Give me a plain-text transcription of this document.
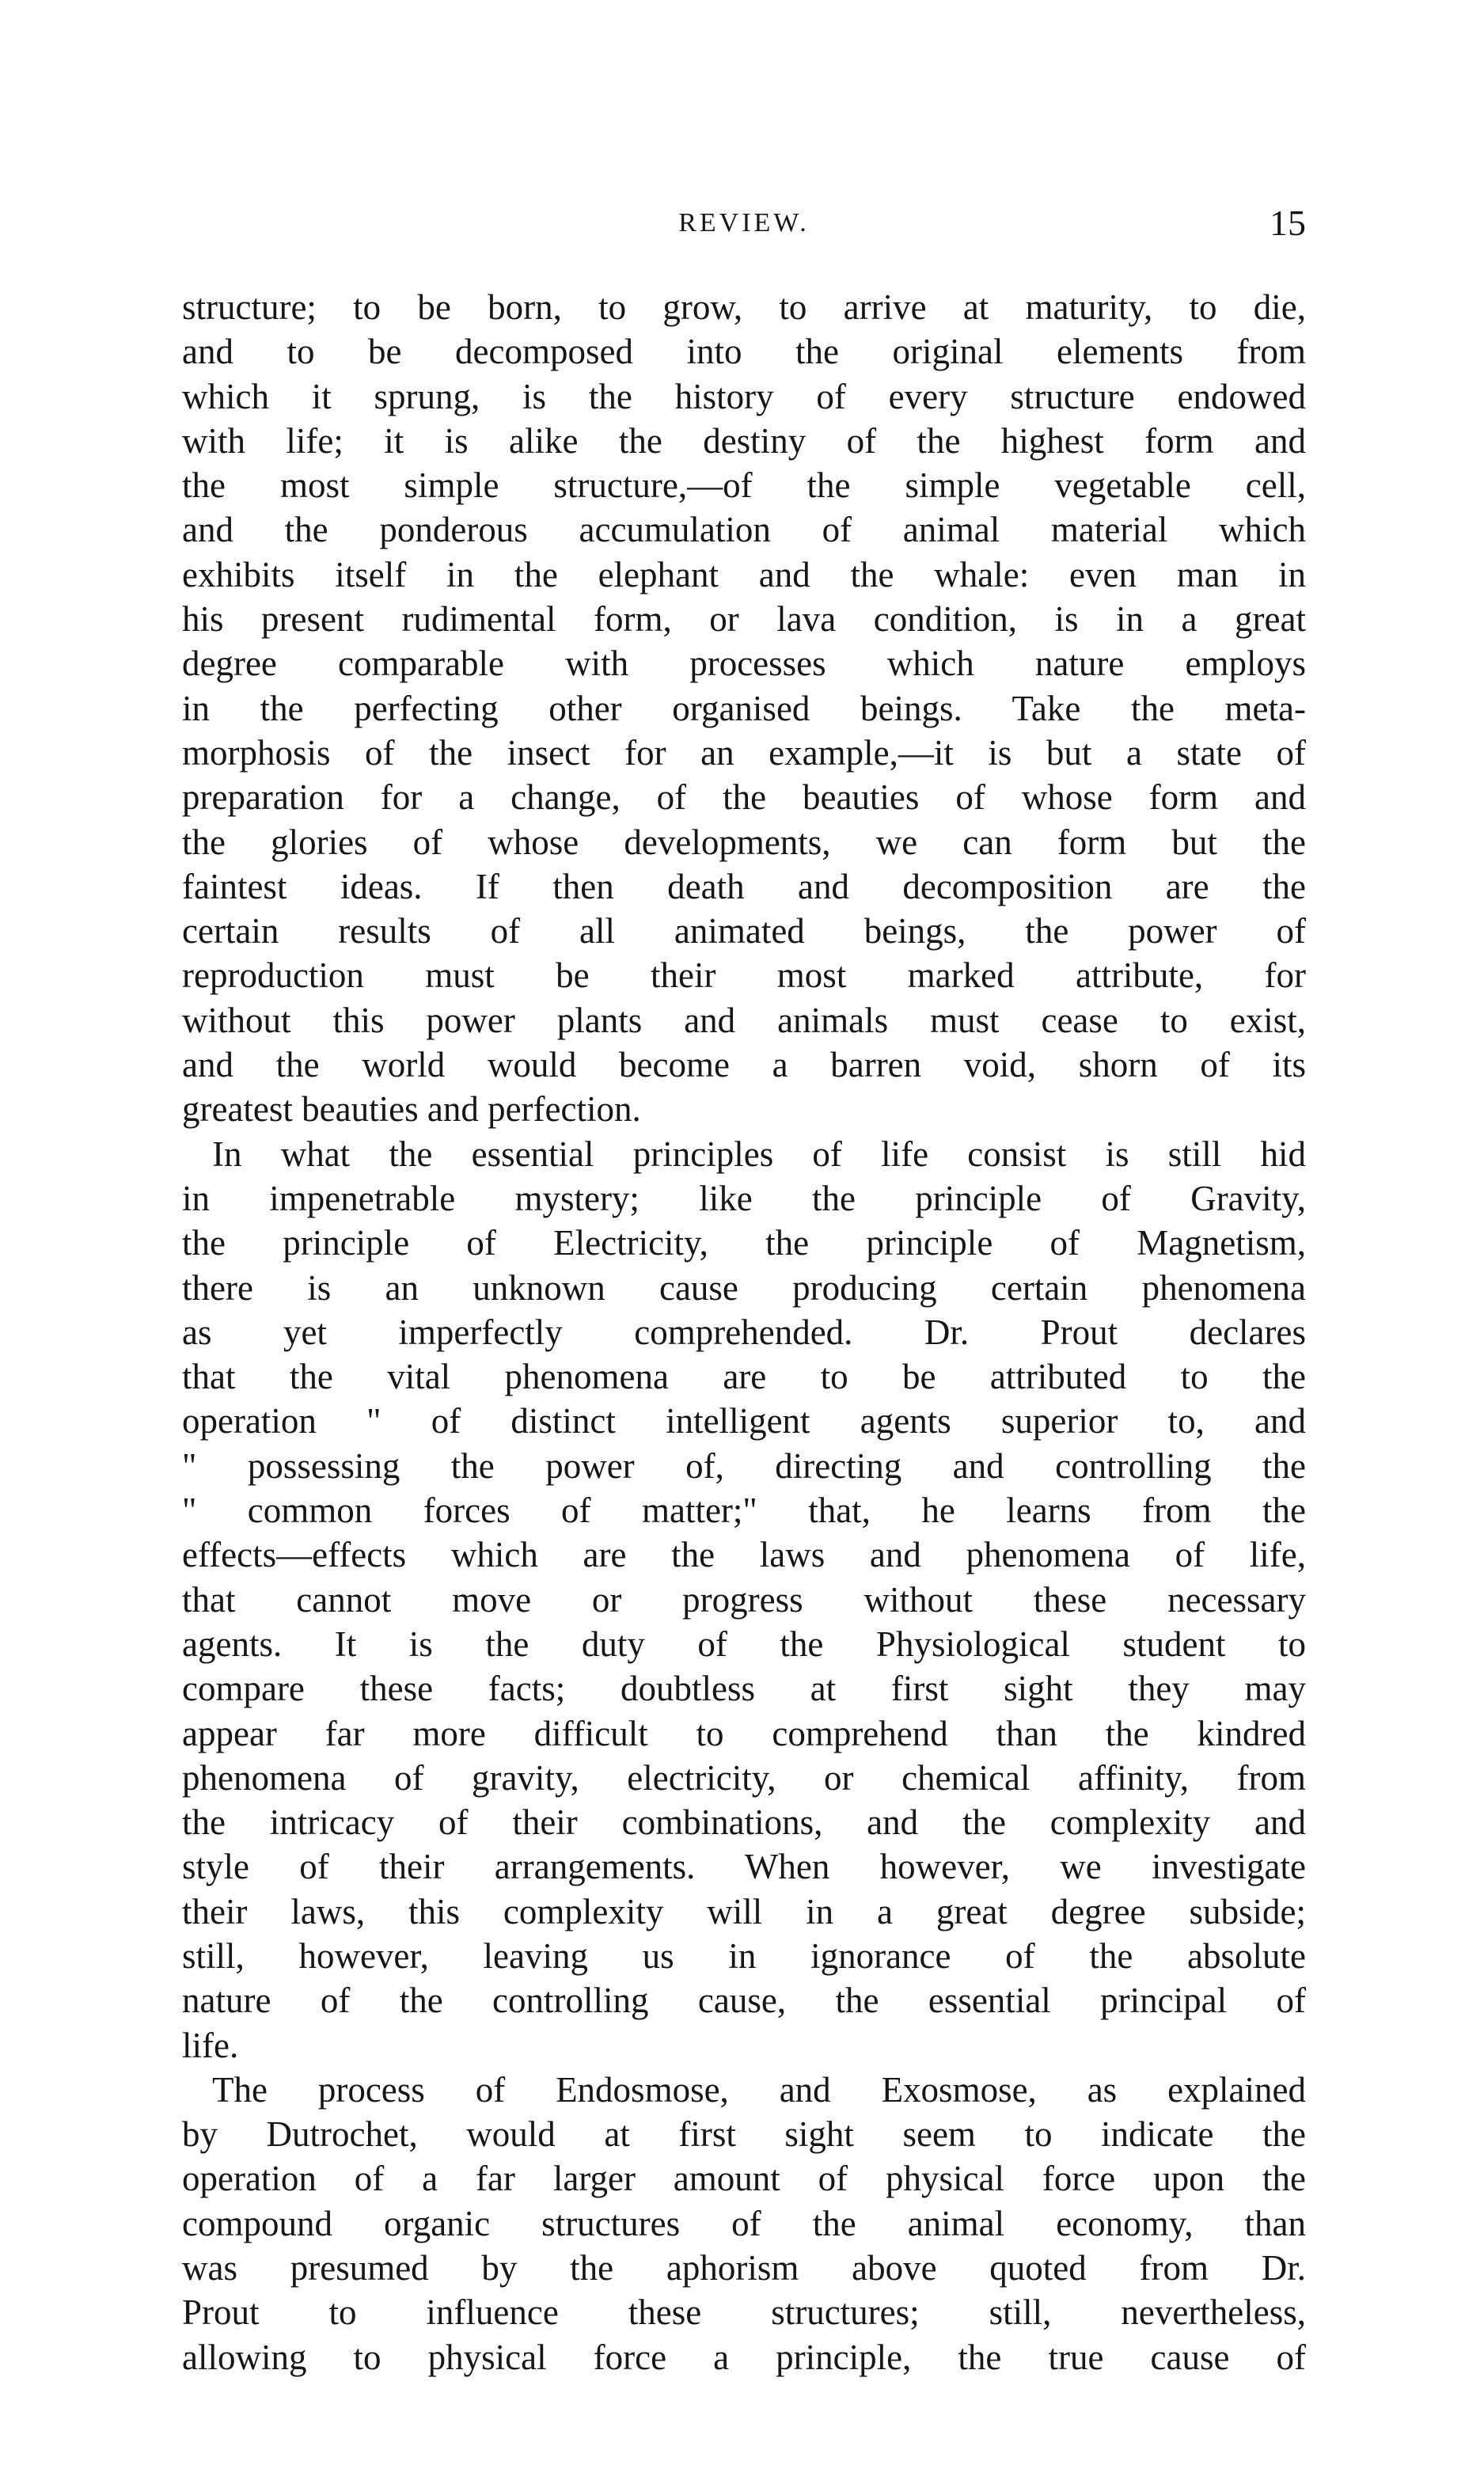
REVIEW.	15
structure; to be born, to grow, to arrive at maturity, to die,
and to be decomposed into the original elements from
which it sprung, is the history of every structure endowed
with life; it is alike the destiny of the highest form and
the most simple structure,—of the simple vegetable cell,
and the ponderous accumulation of animal material which
exhibits itself in the elephant and the whale: even man in
his present rudimental form, or lava condition, is in a great
degree comparable with processes which nature employs
in the perfecting other organised beings. Take the meta-
morphosis of the insect for an example,—it is but a state of
preparation for a change, of the beauties of whose form and
the glories of whose developments, we can form but the
faintest ideas. If then death and decomposition are the
certain results of all animated beings, the power of
reproduction must be their most marked attribute, for
without this power plants and animals must cease to exist,
and the world would become a barren void, shorn of its
greatest beauties and perfection.
In what the essential principles of life consist is still hid
in impenetrable mystery; like the principle of Gravity,
the principle of Electricity, the principle of Magnetism,
there is an unknown cause producing certain phenomena
as yet imperfectly comprehended. Dr. Prout declares
that the vital phenomena are to be attributed to the
operation " of distinct intelligent agents superior to, and
" possessing the power of, directing and controlling the
" common forces of matter;" that, he learns from the
effects—effects which are the laws and phenomena of life,
that cannot move or progress without these necessary
agents. It is the duty of the Physiological student to
compare these facts; doubtless at first sight they may
appear far more difficult to comprehend than the kindred
phenomena of gravity, electricity, or chemical affinity, from
the intricacy of their combinations, and the complexity and
style of their arrangements. When however, we investigate
their laws, this complexity will in a great degree subside;
still, however, leaving us in ignorance of the absolute
nature of the controlling cause, the essential principal of
life.
The process of Endosmose, and Exosmose, as explained
by Dutrochet, would at first sight seem to indicate the
operation of a far larger amount of physical force upon the
compound organic structures of the animal economy, than
was presumed by the aphorism above quoted from Dr.
Prout to influence these structures; still, nevertheless,
allowing to physical force a principle, the true cause of
